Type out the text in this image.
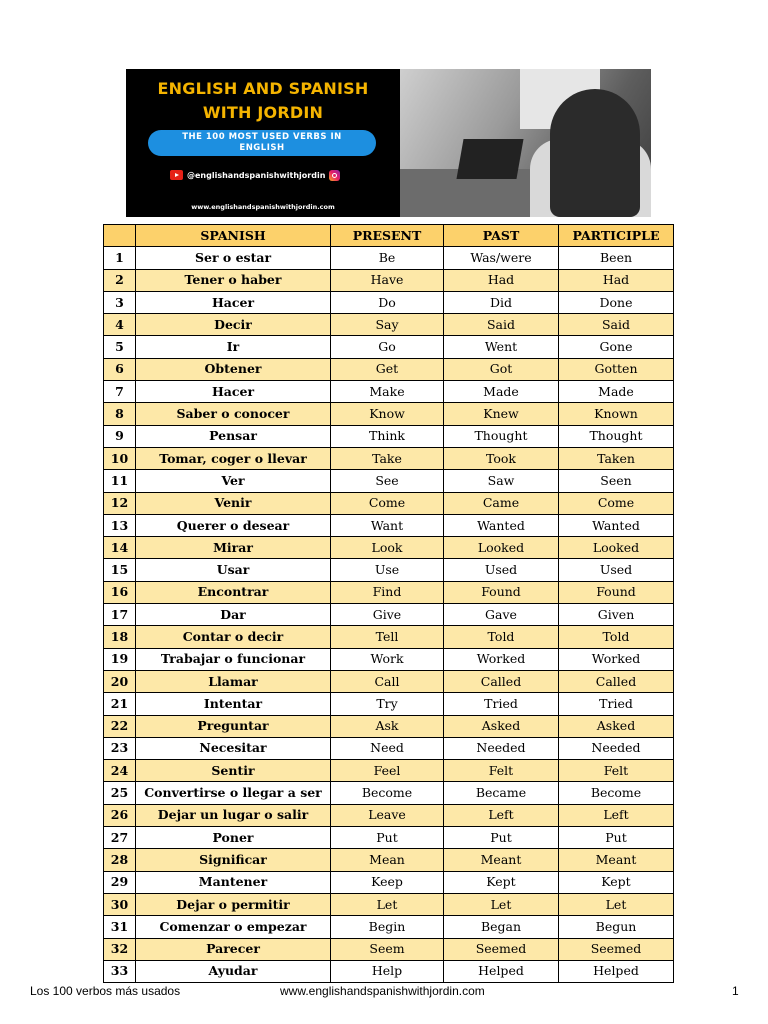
ENGLISH AND SPANISH
WITH JORDIN
THE 100 MOST USED VERBS IN
ENGLISH
@englishandspanishwithjordin
www.englishandspanishwithjordin.com
	SPANISH	PRESENT	PAST	PARTICIPLE
1	Ser o estar	Be	Was/were	Been
2	Tener o haber	Have	Had	Had
3	Hacer	Do	Did	Done
4	Decir	Say	Said	Said
5	Ir	Go	Went	Gone
6	Obtener	Get	Got	Gotten
7	Hacer	Make	Made	Made
8	Saber o conocer	Know	Knew	Known
9	Pensar	Think	Thought	Thought
10	Tomar, coger o llevar	Take	Took	Taken
11	Ver	See	Saw	Seen
12	Venir	Come	Came	Come
13	Querer o desear	Want	Wanted	Wanted
14	Mirar	Look	Looked	Looked
15	Usar	Use	Used	Used
16	Encontrar	Find	Found	Found
17	Dar	Give	Gave	Given
18	Contar o decir	Tell	Told	Told
19	Trabajar o funcionar	Work	Worked	Worked
20	Llamar	Call	Called	Called
21	Intentar	Try	Tried	Tried
22	Preguntar	Ask	Asked	Asked
23	Necesitar	Need	Needed	Needed
24	Sentir	Feel	Felt	Felt
25	Convertirse o llegar a ser	Become	Became	Become
26	Dejar un lugar o salir	Leave	Left	Left
27	Poner	Put	Put	Put
28	Significar	Mean	Meant	Meant
29	Mantener	Keep	Kept	Kept
30	Dejar o permitir	Let	Let	Let
31	Comenzar o empezar	Begin	Began	Begun
32	Parecer	Seem	Seemed	Seemed
33	Ayudar	Help	Helped	Helped
Los 100 verbos más usados	www.englishandspanishwithjordin.com	1
